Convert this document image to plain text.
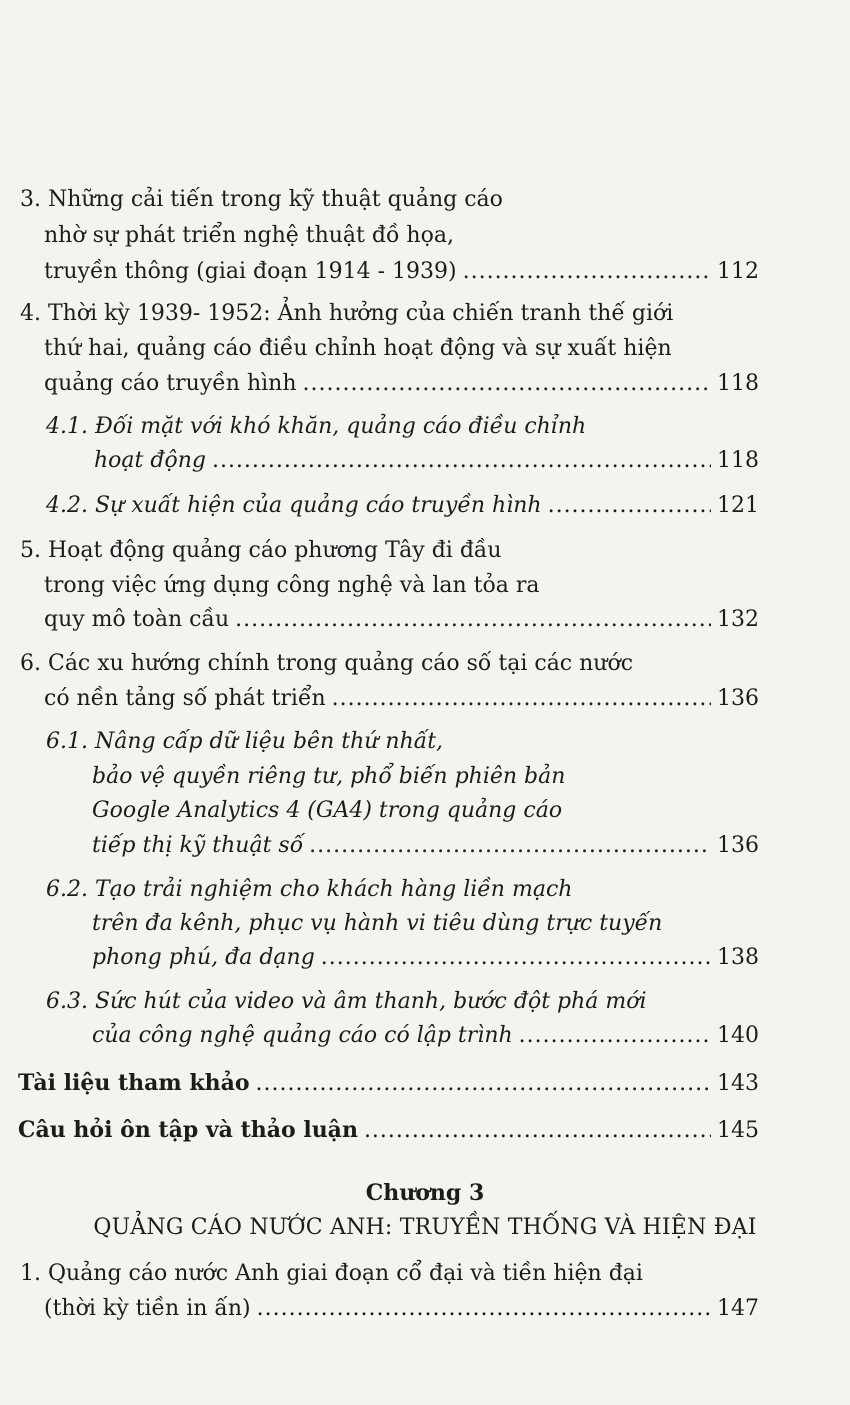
3. Những cải tiến trong kỹ thuật quảng cáo
nhờ sự phát triển nghệ thuật đồ họa,
truyền thông (giai đoạn 1914 - 1939) .....	112
4. Thời kỳ 1939- 1952: Ảnh hưởng của chiến tranh thế giới
thứ hai, quảng cáo điều chỉnh hoạt động và sự xuất hiện
quảng cáo truyền hình .....	118
4.1. Đối mặt với khó khăn, quảng cáo điều chỉnh
hoạt động .....	118
4.2. Sự xuất hiện của quảng cáo truyền hình .....	121
5. Hoạt động quảng cáo phương Tây đi đầu
trong việc ứng dụng công nghệ và lan tỏa ra
quy mô toàn cầu .....	132
6. Các xu hướng chính trong quảng cáo số tại các nước
có nền tảng số phát triển .....	136
6.1. Nâng cấp dữ liệu bên thứ nhất,
bảo vệ quyền riêng tư, phổ biến phiên bản
Google Analytics 4 (GA4) trong quảng cáo
tiếp thị kỹ thuật số .....	136
6.2. Tạo trải nghiệm cho khách hàng liền mạch
trên đa kênh, phục vụ hành vi tiêu dùng trực tuyến
phong phú, đa dạng .....	138
6.3. Sức hút của video và âm thanh, bước đột phá mới
của công nghệ quảng cáo có lập trình .....	140
Tài liệu tham khảo .....	143
Câu hỏi ôn tập và thảo luận .....	145
Chương 3
QUẢNG CÁO NƯỚC ANH: TRUYỀN THỐNG VÀ HIỆN ĐẠI
1. Quảng cáo nước Anh giai đoạn cổ đại và tiền hiện đại
(thời kỳ tiền in ấn) .....	147
